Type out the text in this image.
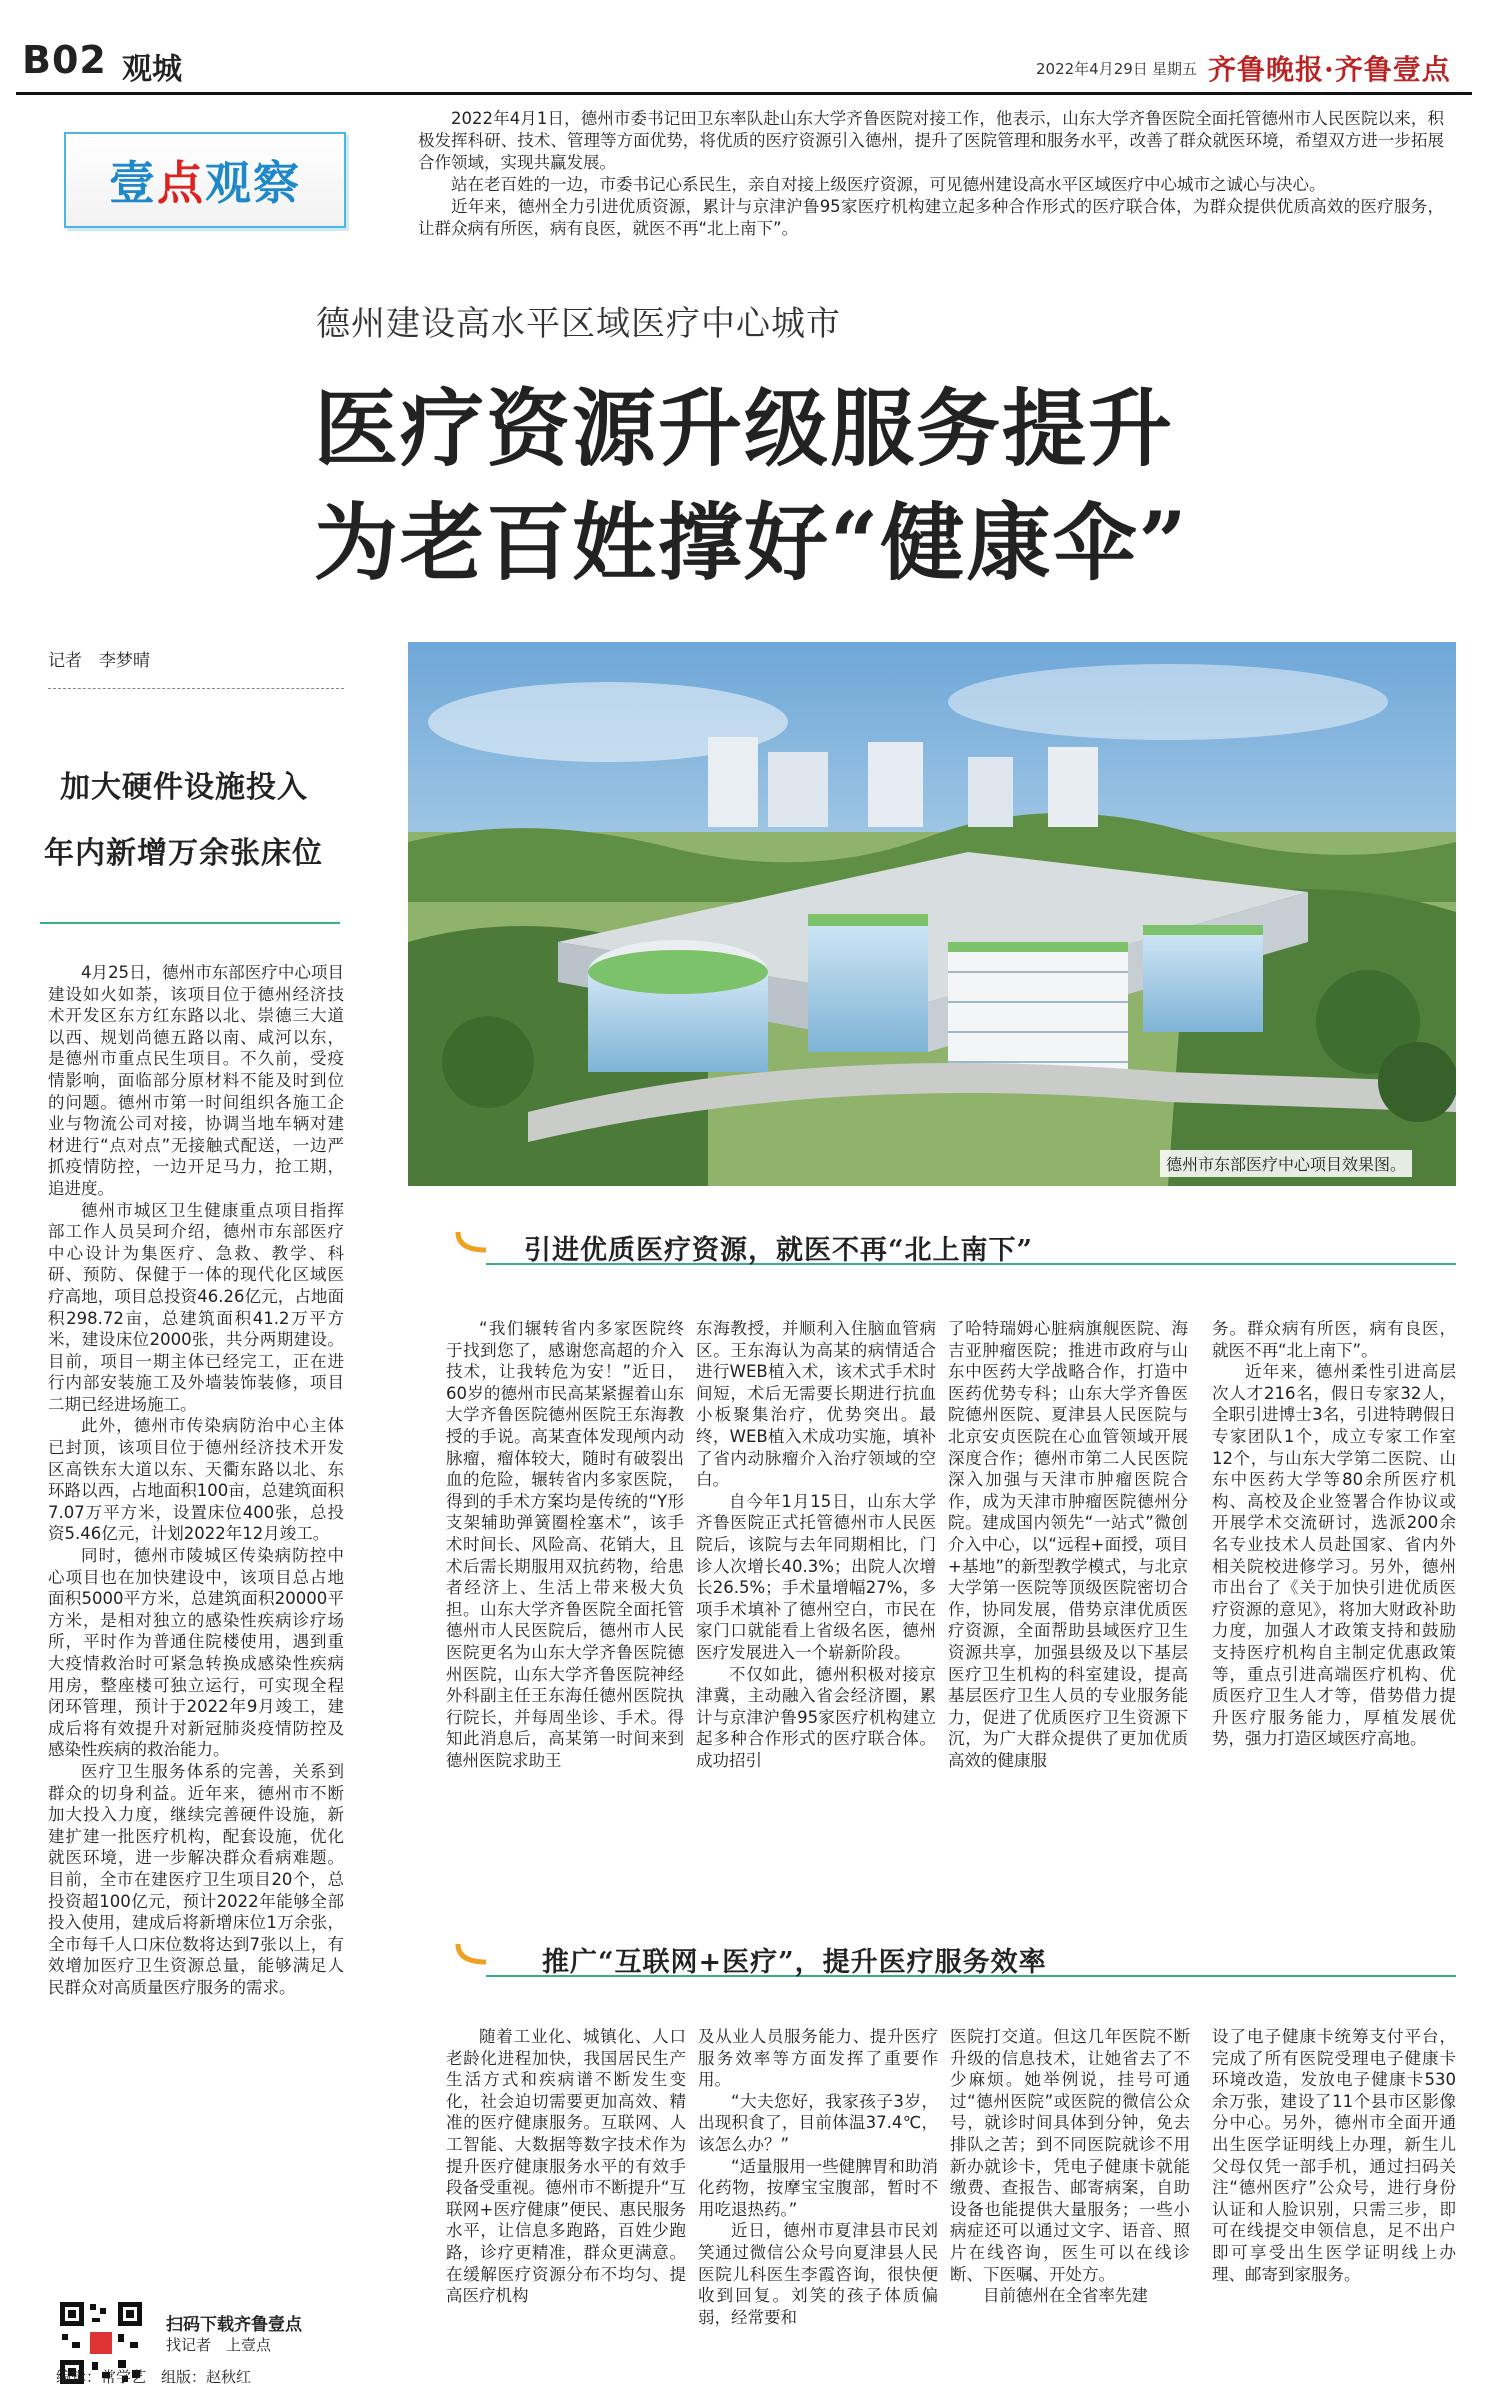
B02 观城	2022年4月29日 星期五 齐鲁晚报·齐鲁壹点
壹点观察

2022年4月1日，德州市委书记田卫东率队赴山东大学齐鲁医院对接工作，他表示，山东大学齐鲁医院全面托管德州市人民医院以来，积极发挥科研、技术、管理等方面优势，将优质的医疗资源引入德州，提升了医院管理和服务水平，改善了群众就医环境，希望双方进一步拓展合作领域，实现共赢发展。

站在老百姓的一边，市委书记心系民生，亲自对接上级医疗资源，可见德州建设高水平区域医疗中心城市之诚心与决心。

近年来，德州全力引进优质资源，累计与京津沪鲁95家医疗机构建立起多种合作形式的医疗联合体，为群众提供优质高效的医疗服务，让群众病有所医，病有良医，就医不再“北上南下”。

德州建设高水平区域医疗中心城市
医疗资源升级服务提升
为老百姓撑好“健康伞”
记者　李梦晴
加大硬件设施投入
年内新增万余张床位
德州市东部医疗中心项目效果图。

4月25日，德州市东部医疗中心项目建设如火如荼，该项目位于德州经济技术开发区东方红东路以北、崇德三大道以西、规划尚德五路以南、咸河以东，是德州市重点民生项目。不久前，受疫情影响，面临部分原材料不能及时到位的问题。德州市第一时间组织各施工企业与物流公司对接，协调当地车辆对建材进行“点对点”无接触式配送，一边严抓疫情防控，一边开足马力，抢工期，追进度。

德州市城区卫生健康重点项目指挥部工作人员吴珂介绍，德州市东部医疗中心设计为集医疗、急救、教学、科研、预防、保健于一体的现代化区域医疗高地，项目总投资46.26亿元，占地面积298.72亩，总建筑面积41.2万平方米，建设床位2000张，共分两期建设。目前，项目一期主体已经完工，正在进行内部安装施工及外墙装饰装修，项目二期已经进场施工。

此外，德州市传染病防治中心主体已封顶，该项目位于德州经济技术开发区高铁东大道以东、天衢东路以北、东环路以西，占地面积100亩，总建筑面积7.07万平方米，设置床位400张，总投资5.46亿元，计划2022年12月竣工。

同时，德州市陵城区传染病防控中心项目也在加快建设中，该项目总占地面积5000平方米，总建筑面积20000平方米，是相对独立的感染性疾病诊疗场所，平时作为普通住院楼使用，遇到重大疫情救治时可紧急转换成感染性疾病用房，整座楼可独立运行，可实现全程闭环管理，预计于2022年9月竣工，建成后将有效提升对新冠肺炎疫情防控及感染性疾病的救治能力。

医疗卫生服务体系的完善，关系到群众的切身利益。近年来，德州市不断加大投入力度，继续完善硬件设施，新建扩建一批医疗机构，配套设施，优化就医环境，进一步解决群众看病难题。目前，全市在建医疗卫生项目20个，总投资超100亿元，预计2022年能够全部投入使用，建成后将新增床位1万余张，全市每千人口床位数将达到7张以上，有效增加医疗卫生资源总量，能够满足人民群众对高质量医疗服务的需求。

引进优质医疗资源，就医不再“北上南下”

“我们辗转省内多家医院终于找到您了，感谢您高超的介入技术，让我转危为安！”近日，60岁的德州市民高某紧握着山东大学齐鲁医院德州医院王东海教授的手说。高某查体发现颅内动脉瘤，瘤体较大，随时有破裂出血的危险，辗转省内多家医院，得到的手术方案均是传统的“Y形支架辅助弹簧圈栓塞术”，该手术时间长、风险高、花销大，且术后需长期服用双抗药物，给患者经济上、生活上带来极大负担。山东大学齐鲁医院全面托管德州市人民医院后，德州市人民医院更名为山东大学齐鲁医院德州医院，山东大学齐鲁医院神经外科副主任王东海任德州医院执行院长，并每周坐诊、手术。得知此消息后，高某第一时间来到德州医院求助王

东海教授，并顺利入住脑血管病区。王东海认为高某的病情适合进行WEB植入术，该术式手术时间短，术后无需要长期进行抗血小板聚集治疗，优势突出。最终，WEB植入术成功实施，填补了省内动脉瘤介入治疗领域的空白。

自今年1月15日，山东大学齐鲁医院正式托管德州市人民医院后，该院与去年同期相比，门诊人次增长40.3%；出院人次增长26.5%；手术量增幅27%，多项手术填补了德州空白，市民在家门口就能看上省级名医，德州医疗发展进入一个崭新阶段。

不仅如此，德州积极对接京津冀，主动融入省会经济圈，累计与京津沪鲁95家医疗机构建立起多种合作形式的医疗联合体。成功招引

了哈特瑞姆心脏病旗舰医院、海吉亚肿瘤医院；推进市政府与山东中医药大学战略合作，打造中医药优势专科；山东大学齐鲁医院德州医院、夏津县人民医院与北京安贞医院在心血管领域开展深度合作；德州市第二人民医院深入加强与天津市肿瘤医院合作，成为天津市肿瘤医院德州分院。建成国内领先“一站式”微创介入中心，以“远程+面授，项目+基地”的新型教学模式，与北京大学第一医院等顶级医院密切合作，协同发展，借势京津优质医疗资源，全面帮助县域医疗卫生资源共享，加强县级及以下基层医疗卫生机构的科室建设，提高基层医疗卫生人员的专业服务能力，促进了优质医疗卫生资源下沉，为广大群众提供了更加优质高效的健康服

务。群众病有所医，病有良医，就医不再“北上南下”。

近年来，德州柔性引进高层次人才216名，假日专家32人，全职引进博士3名，引进特聘假日专家团队1个，成立专家工作室12个，与山东大学第二医院、山东中医药大学等80余所医疗机构、高校及企业签署合作协议或开展学术交流研讨，选派200余名专业技术人员赴国家、省内外相关院校进修学习。另外，德州市出台了《关于加快引进优质医疗资源的意见》，将加大财政补助力度，加强人才政策支持和鼓励支持医疗机构自主制定优惠政策等，重点引进高端医疗机构、优质医疗卫生人才等，借势借力提升医疗服务能力，厚植发展优势，强力打造区域医疗高地。

推广“互联网+医疗”，提升医疗服务效率

随着工业化、城镇化、人口老龄化进程加快，我国居民生产生活方式和疾病谱不断发生变化，社会迫切需要更加高效、精准的医疗健康服务。互联网、人工智能、大数据等数字技术作为提升医疗健康服务水平的有效手段备受重视。德州市不断提升“互联网+医疗健康”便民、惠民服务水平，让信息多跑路，百姓少跑路，诊疗更精准，群众更满意。在缓解医疗资源分布不均匀、提高医疗机构

及从业人员服务能力、提升医疗服务效率等方面发挥了重要作用。

“大夫您好，我家孩子3岁，出现积食了，目前体温37.4℃，该怎么办？”

“适量服用一些健脾胃和助消化药物，按摩宝宝腹部，暂时不用吃退热药。”

近日，德州市夏津县市民刘笑通过微信公众号向夏津县人民医院儿科医生李霞咨询，很快便收到回复。刘笑的孩子体质偏弱，经常要和

医院打交道。但这几年医院不断升级的信息技术，让她省去了不少麻烦。她举例说，挂号可通过“德州医院”或医院的微信公众号，就诊时间具体到分钟，免去排队之苦；到不同医院就诊不用新办就诊卡，凭电子健康卡就能缴费、查报告、邮寄病案，自助设备也能提供大量服务；一些小病症还可以通过文字、语音、照片在线咨询，医生可以在线诊断、下医嘱、开处方。

目前德州在全省率先建

设了电子健康卡统筹支付平台，完成了所有医院受理电子健康卡环境改造，发放电子健康卡530余万张，建设了11个县市区影像分中心。另外，德州市全面开通出生医学证明线上办理，新生儿父母仅凭一部手机，通过扫码关注“德州医疗”公众号，进行身份认证和人脸识别，只需三步，即可在线提交申领信息，足不出户即可享受出生医学证明线上办理、邮寄到家服务。

扫码下载齐鲁壹点
找记者　上壹点
编辑：常学艺　组版：赵秋红
